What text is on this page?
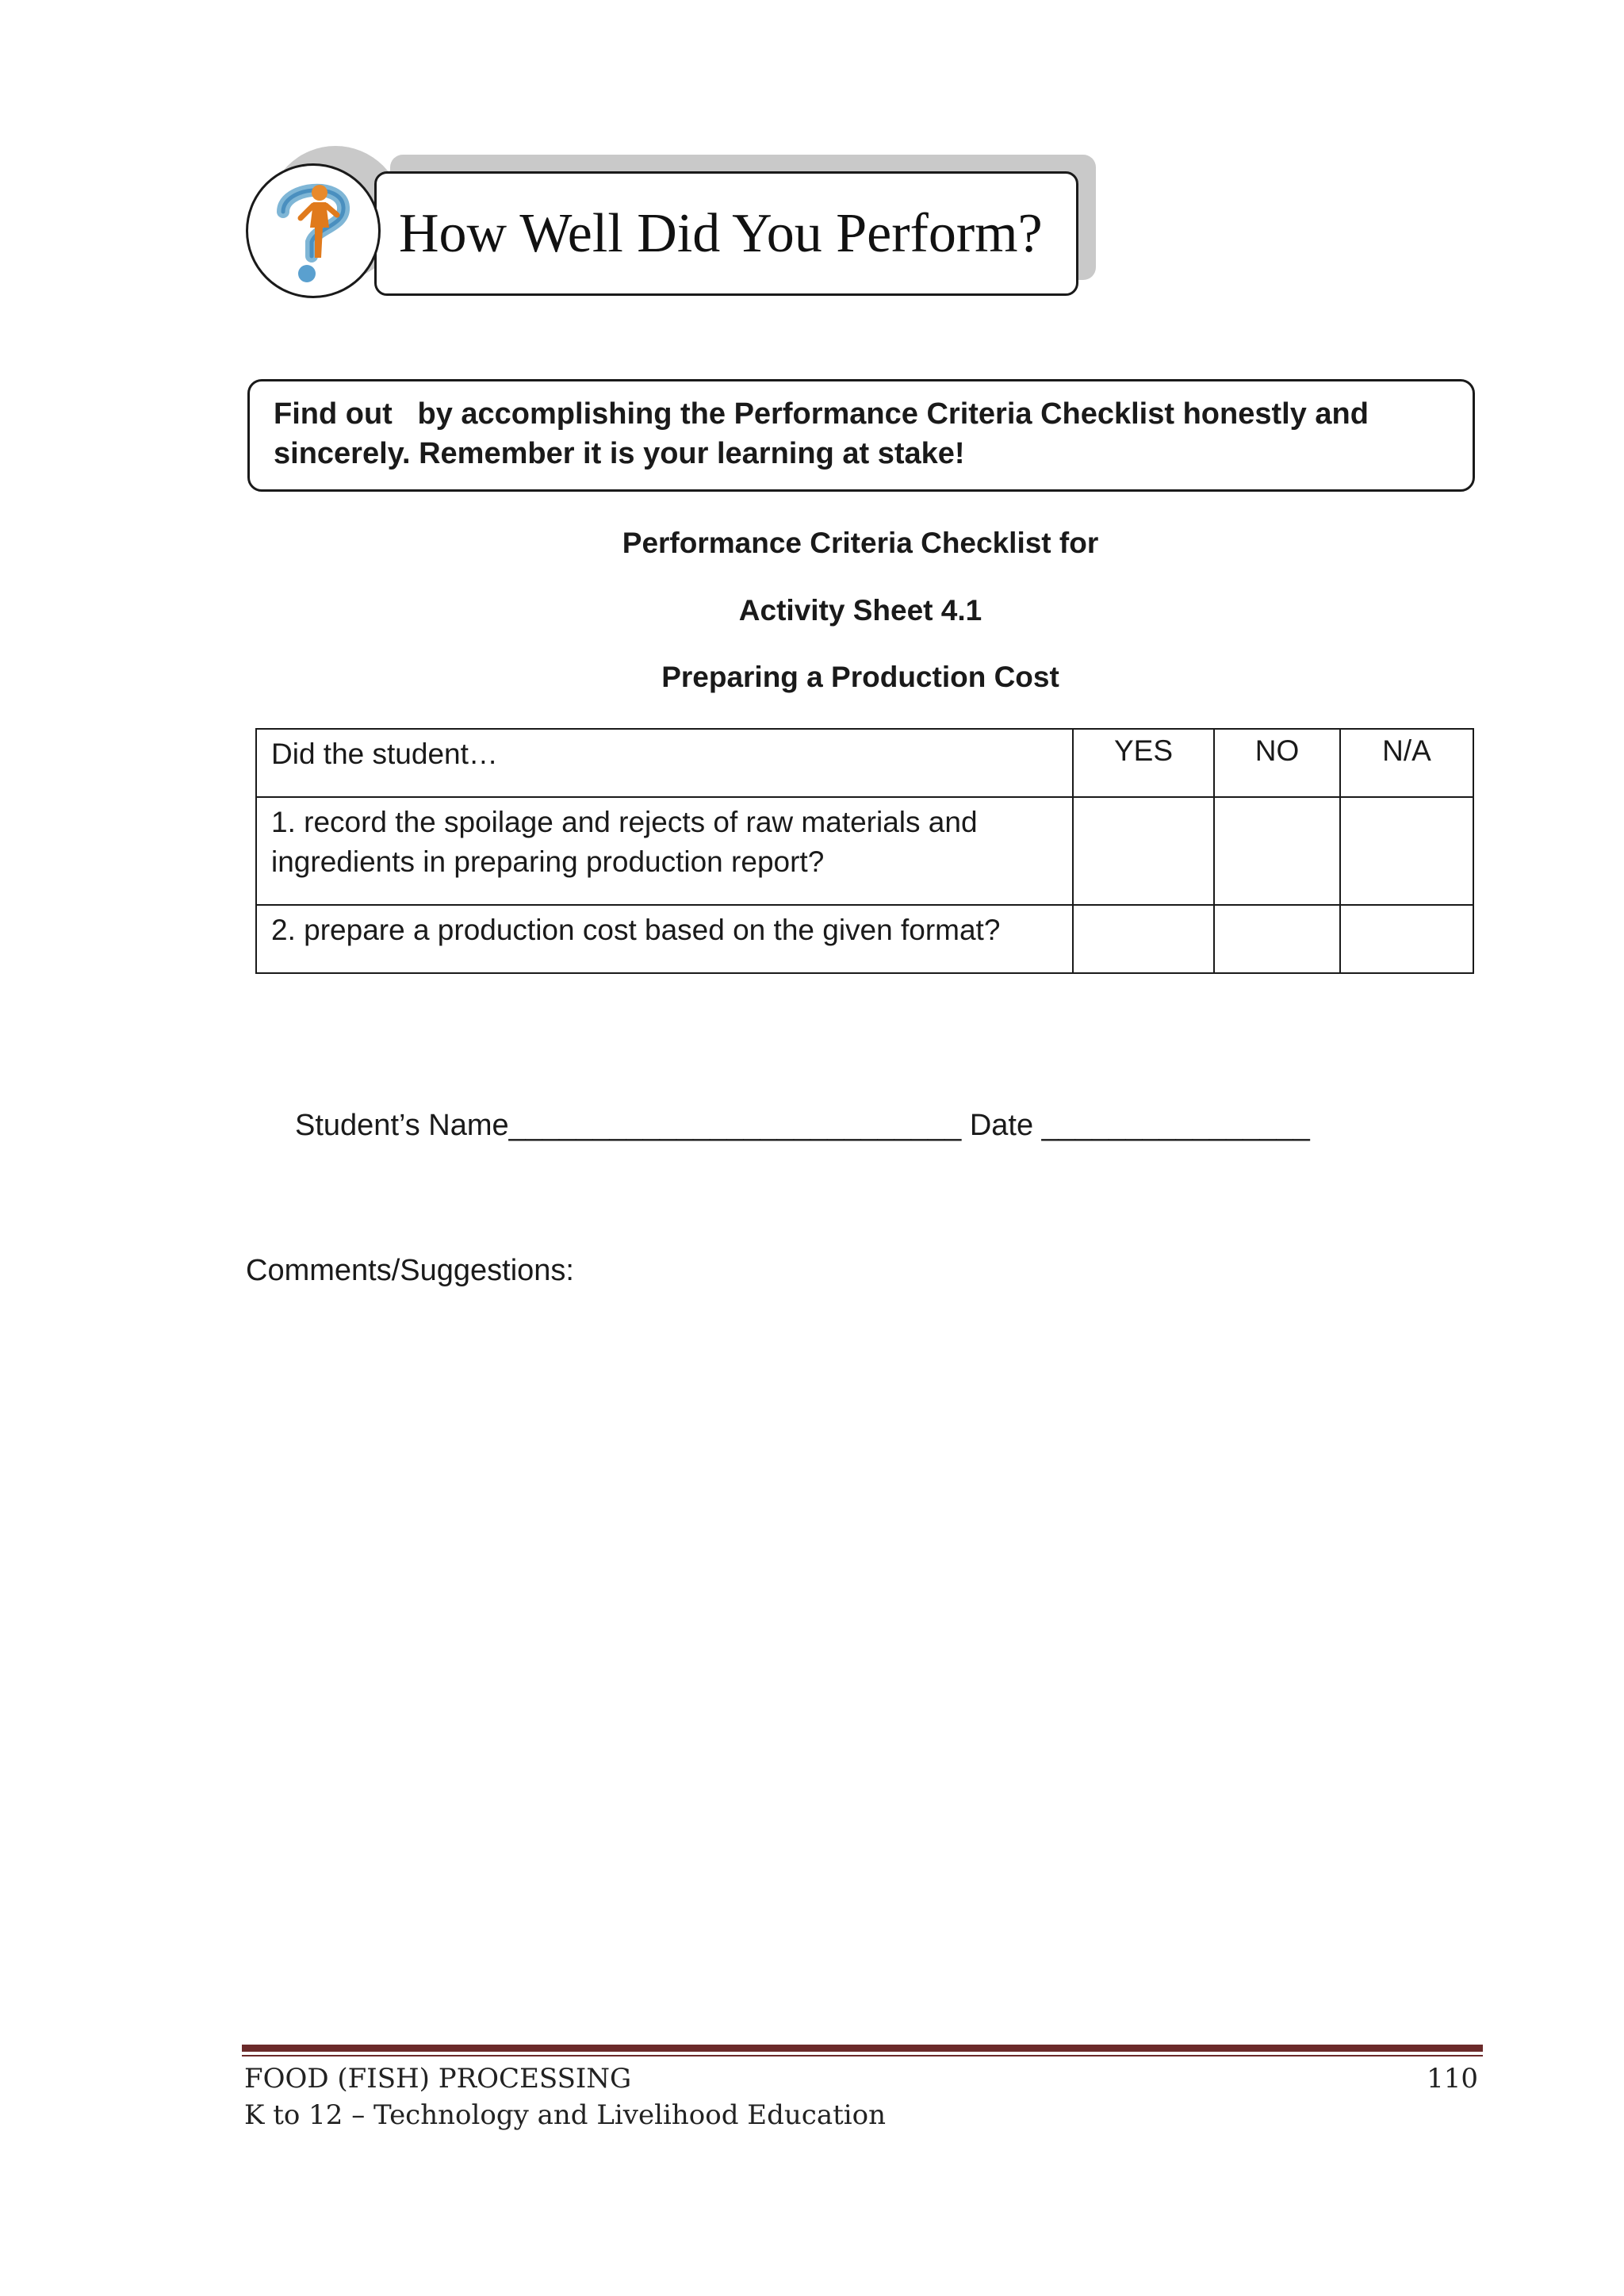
How Well Did You Perform?
Find out   by accomplishing the Performance Criteria Checklist honestly and
sincerely. Remember it is your learning at stake!
Performance Criteria Checklist for
Activity Sheet 4.1
Preparing a Production Cost
Did the student…	YES	NO	N/A

1. record the spoilage and rejects of raw materials and
ingredients in preparing production report?			

2. prepare a production cost based on the given format?			

Student’s Name___________________________ Date ________________
Comments/Suggestions:
FOOD (FISH) PROCESSING
K to 12 – Technology and Livelihood Education
110
